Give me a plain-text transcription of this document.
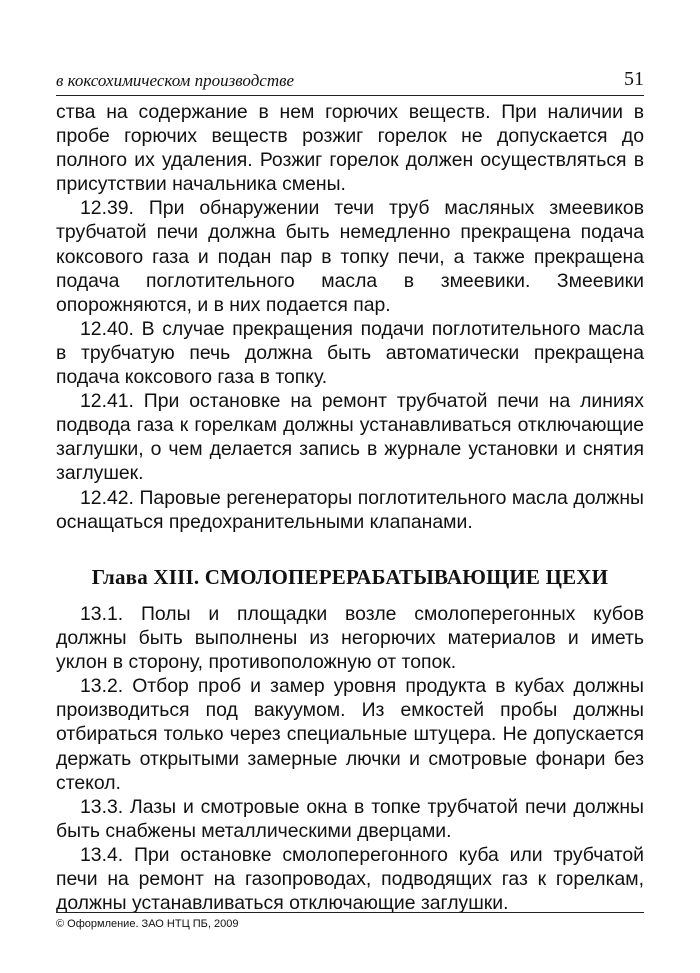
в коксохимическом производстве	51

ства на содержание в нем горючих веществ. При наличии в пробе горючих веществ розжиг горелок не допускается до полного их удаления. Розжиг горелок должен осуществляться в присутствии начальника смены.

12.39. При обнаружении течи труб масляных змеевиков трубчатой печи должна быть немедленно прекращена подача коксового газа и подан пар в топку печи, а также прекращена подача поглотительного масла в змеевики. Змеевики опорожняются, и в них подается пар.

12.40. В случае прекращения подачи поглотительного масла в трубчатую печь должна быть автоматически прекращена подача коксового газа в топку.

12.41. При остановке на ремонт трубчатой печи на линиях подвода газа к горелкам должны устанавливаться отключающие заглушки, о чем делается запись в журнале установки и снятия заглушек.

12.42. Паровые регенераторы поглотительного масла должны оснащаться предохранительными клапанами.

Глава XIII. СМОЛОПЕРЕРАБАТЫВАЮЩИЕ ЦЕХИ

13.1. Полы и площадки возле смолоперегонных кубов должны быть выполнены из негорючих материалов и иметь уклон в сторону, противоположную от топок.

13.2. Отбор проб и замер уровня продукта в кубах должны производиться под вакуумом. Из емкостей пробы должны отбираться только через специальные штуцера. Не допускается держать открытыми замерные лючки и смотровые фонари без стекол.

13.3. Лазы и смотровые окна в топке трубчатой печи должны быть снабжены металлическими дверцами.

13.4. При остановке смолоперегонного куба или трубчатой печи на ремонт на газопроводах, подводящих газ к горелкам, должны устанавливаться отключающие заглушки.

© Оформление. ЗАО НТЦ ПБ, 2009
